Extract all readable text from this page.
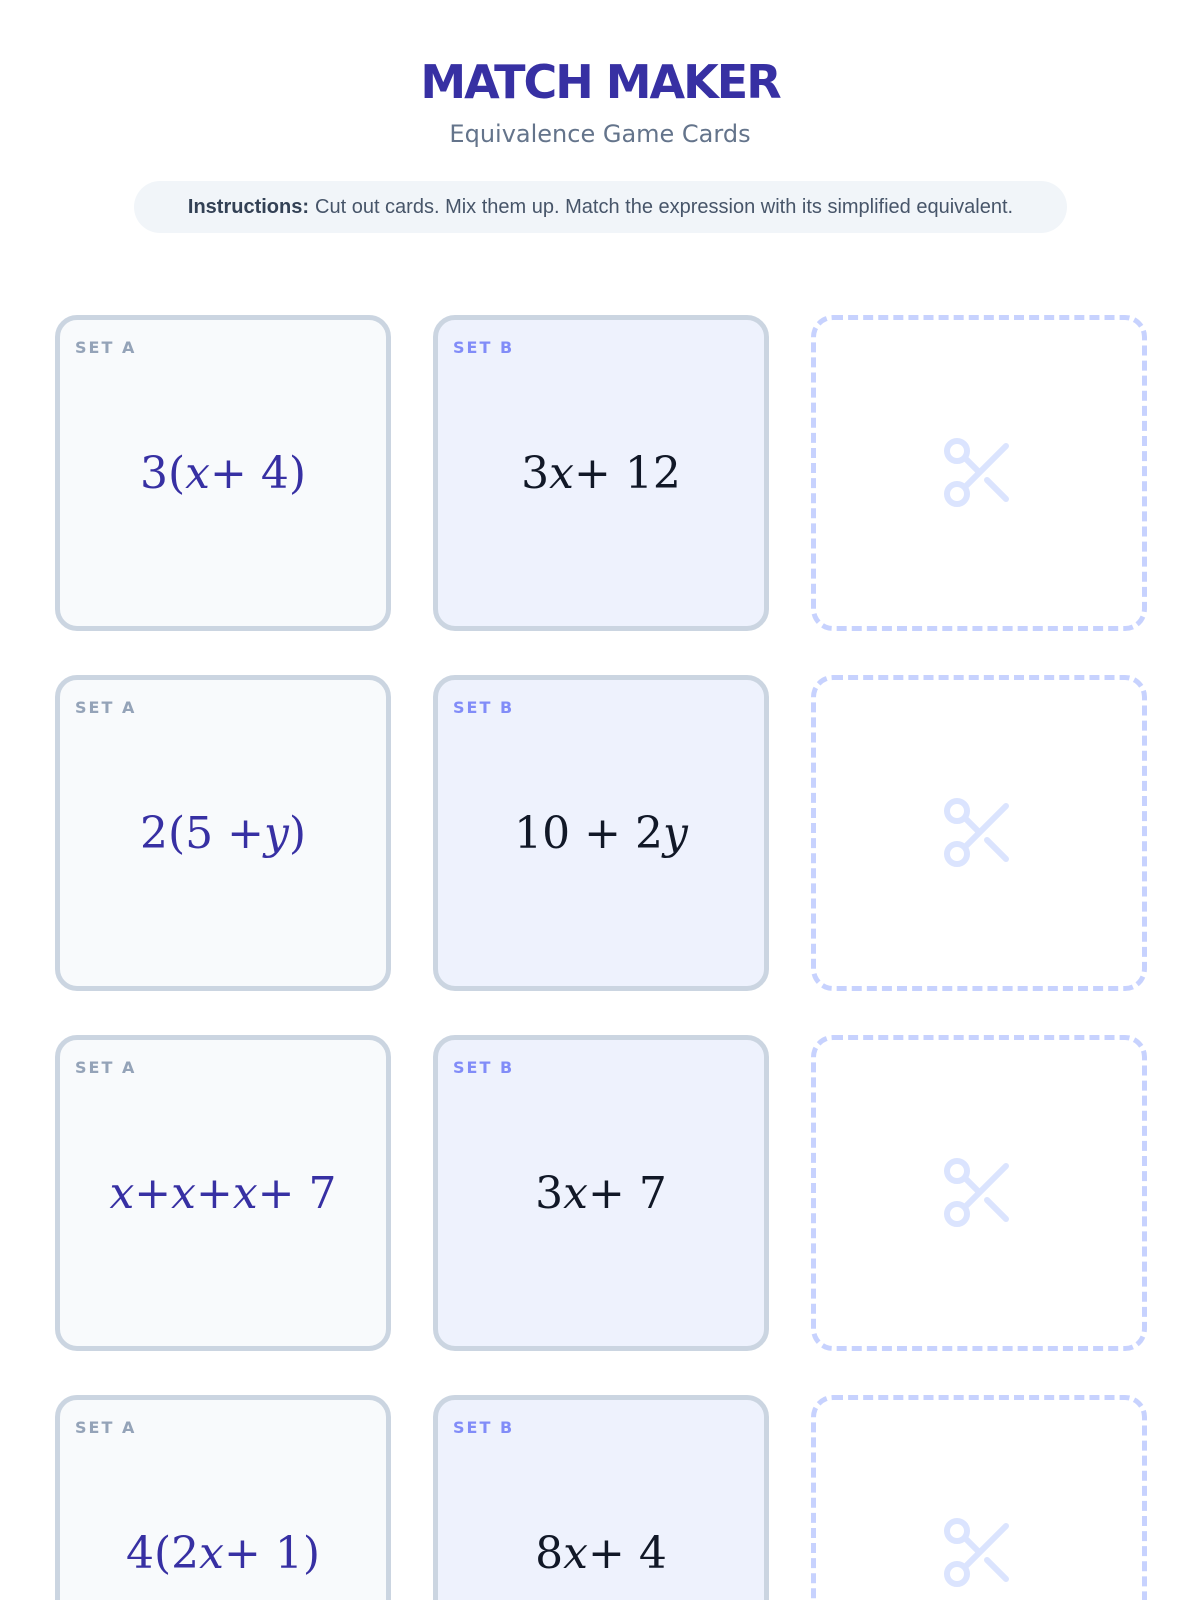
MATCH MAKER
Equivalence Game Cards
Instructions: Cut out cards. Mix them up. Match the expression with its simplified equivalent.
SET A
3( x + 4)
SET B
3 x + 12
SET A
2(5 + y )
SET B
10 + 2 y
SET A
x + x + x + 7
SET B
3 x + 7
SET A
4(2 x + 1)
SET B
8 x + 4
